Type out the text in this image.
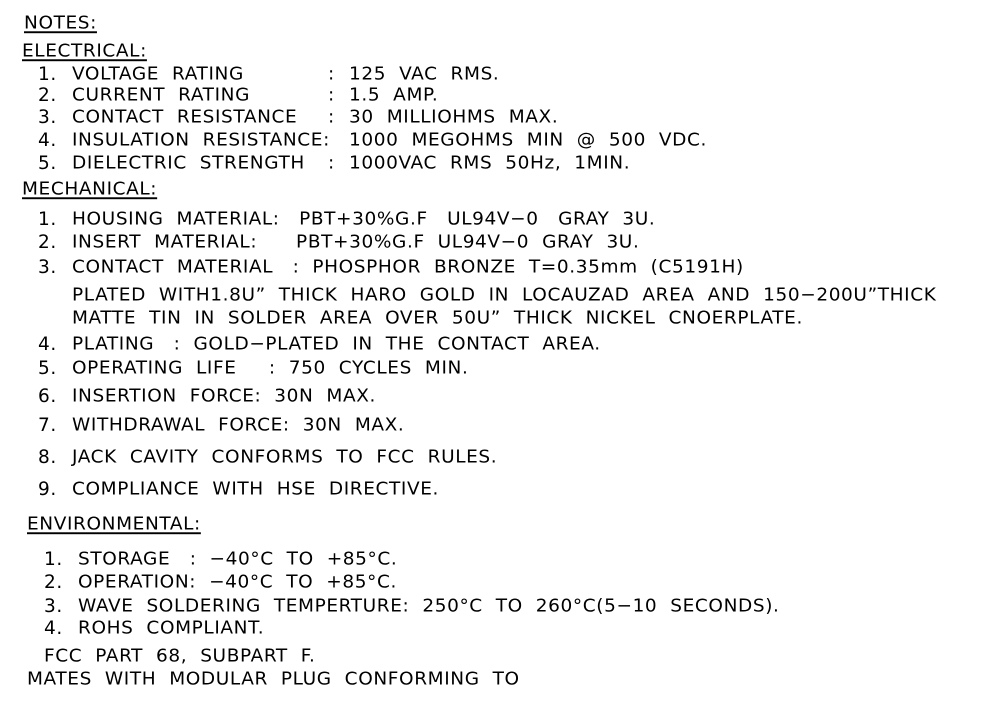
NOTES:
ELECTRICAL:
1. VOLTAGE  RATING	: 125  VAC  RMS.
2. CURRENT  RATING	: 1.5  AMP.
3. CONTACT  RESISTANCE : 30  MILLIOHMS  MAX.
4. INSULATION  RESISTANCE: 1000  MEGOHMS  MIN  @  500  VDC.
5. DIELECTRIC  STRENGTH : 1000VAC  RMS  50Hz,  1MIN.
MECHANICAL:
1. HOUSING  MATERIAL:   PBT+30%G.F   UL94V−0   GRAY  3U.
2. INSERT  MATERIAL:      PBT+30%G.F  UL94V−0  GRAY  3U.
3. CONTACT  MATERIAL   :  PHOSPHOR  BRONZE  T=0.35mm  (C5191H)
PLATED  WITH1.8U”  THICK  HARO  GOLD  IN  LOCAUZAD  AREA  AND  150−200U”THICK
MATTE  TIN  IN  SOLDER  AREA  OVER  50U”  THICK  NICKEL  CNOERPLATE.
4. PLATING   :  GOLD−PLATED  IN  THE  CONTACT  AREA.
5. OPERATING  LIFE     :  750  CYCLES  MIN.
6. INSERTION  FORCE:  30N  MAX.
7. WITHDRAWAL  FORCE:  30N  MAX.
8. JACK  CAVITY  CONFORMS  TO  FCC  RULES.
9. COMPLIANCE  WITH  HSE  DIRECTIVE.
ENVIRONMENTAL:
1. STORAGE   :  −40°C  TO  +85°C.
2. OPERATION:  −40°C  TO  +85°C.
3. WAVE  SOLDERING  TEMPERTURE:  250°C  TO  260°C(5−10  SECONDS).
4. ROHS  COMPLIANT.
FCC  PART  68,  SUBPART  F.
MATES  WITH  MODULAR  PLUG  CONFORMING  TO
